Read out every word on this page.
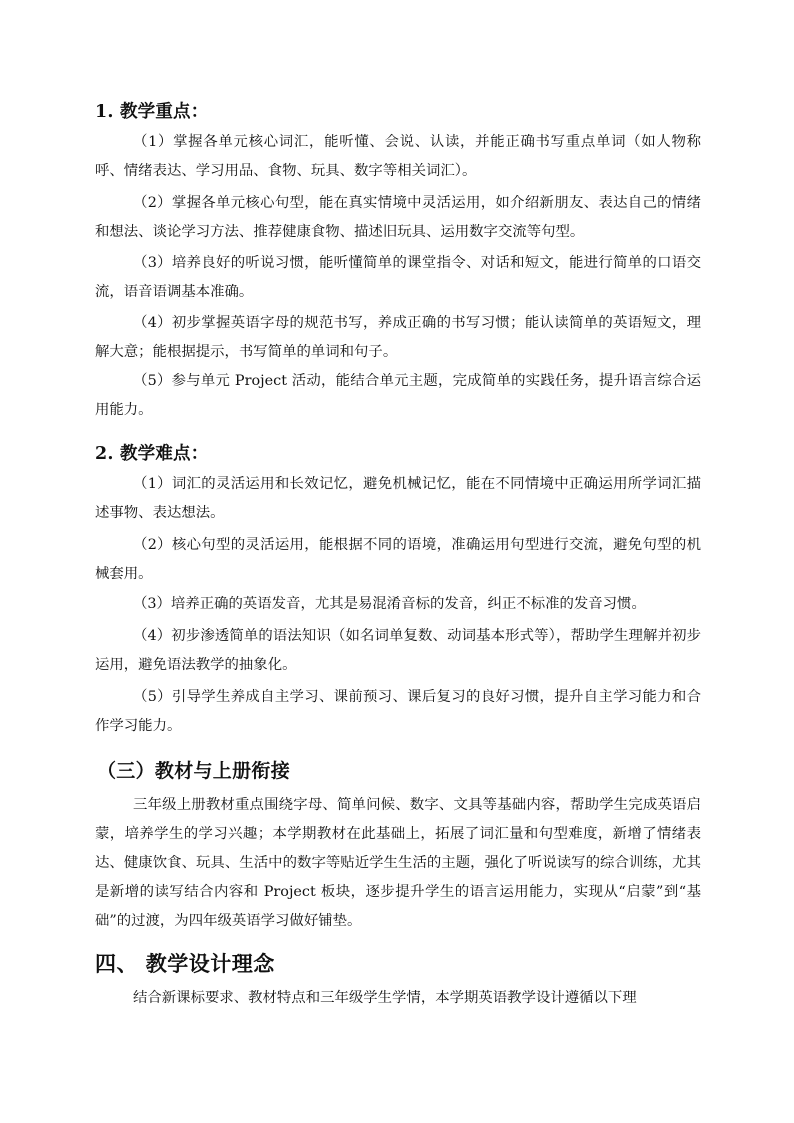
1. 教学重点：

（1）掌握各单元核心词汇，能听懂、会说、认读，并能正确书写重点单词（如人物称呼、情绪表达、学习用品、食物、玩具、数字等相关词汇）。

（2）掌握各单元核心句型，能在真实情境中灵活运用，如介绍新朋友、表达自己的情绪和想法、谈论学习方法、推荐健康食物、描述旧玩具、运用数字交流等句型。

（3）培养良好的听说习惯，能听懂简单的课堂指令、对话和短文，能进行简单的口语交流，语音语调基本准确。

（4）初步掌握英语字母的规范书写，养成正确的书写习惯；能认读简单的英语短文，理解大意；能根据提示，书写简单的单词和句子。

（5）参与单元 Project 活动，能结合单元主题，完成简单的实践任务，提升语言综合运用能力。

2. 教学难点：

（1）词汇的灵活运用和长效记忆，避免机械记忆，能在不同情境中正确运用所学词汇描述事物、表达想法。

（2）核心句型的灵活运用，能根据不同的语境，准确运用句型进行交流，避免句型的机械套用。

（3）培养正确的英语发音，尤其是易混淆音标的发音，纠正不标准的发音习惯。

（4）初步渗透简单的语法知识（如名词单复数、动词基本形式等），帮助学生理解并初步运用，避免语法教学的抽象化。

（5）引导学生养成自主学习、课前预习、课后复习的良好习惯，提升自主学习能力和合作学习能力。

（三）教材与上册衔接

三年级上册教材重点围绕字母、简单问候、数字、文具等基础内容，帮助学生完成英语启蒙，培养学生的学习兴趣；本学期教材在此基础上，拓展了词汇量和句型难度，新增了情绪表达、健康饮食、玩具、生活中的数字等贴近学生生活的主题，强化了听说读写的综合训练，尤其是新增的读写结合内容和 Project 板块，逐步提升学生的语言运用能力，实现从“启蒙”到“基础”的过渡，为四年级英语学习做好铺垫。

四、 教学设计理念

结合新课标要求、教材特点和三年级学生学情，本学期英语教学设计遵循以下理
